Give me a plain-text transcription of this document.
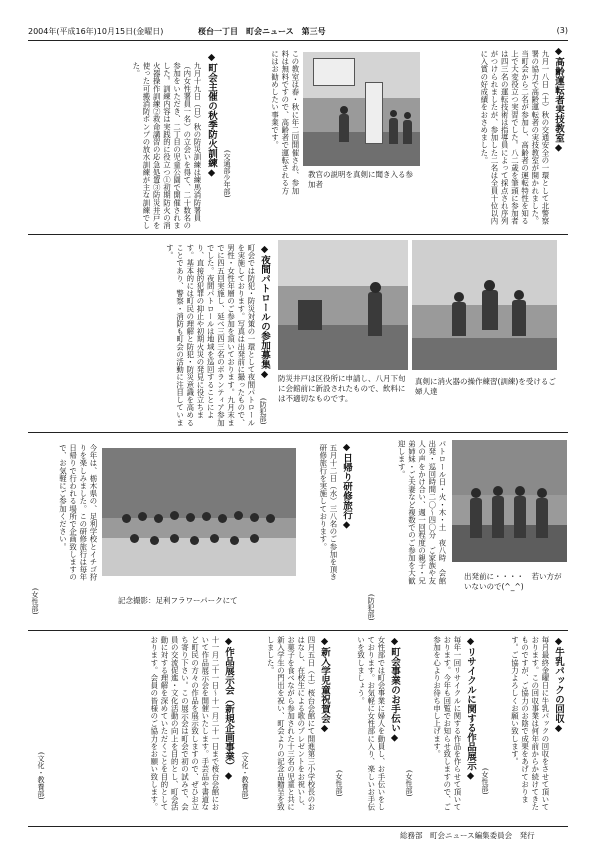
2004年(平成16年)10月15日(金曜日)	桜台一丁目　町会ニュース　第三号	(3)
◆高齢運転者実技教室◆
九月一八日（土）秋の交通安全の一環として北警察署の協力で高齢運転者の実技教室が開かれました。当町会から二名が参加し、高齢者の運転特性を知る上で大変役立つ実習でした。八二歳を筆頭に参加者は四三名の運転技術は指導員によって採点され序列がつけられましたが、参加した二名は全員十位以内に入賞の好成績をおさめました。
教官の説明を真剣に聞き入る参加者
この教室は春・秋に年二回開催され、参加料は無料ですので、高齢者で運転される方にはお勧めしたい事業です。
(交通部少年部)
◆町会主催の秋季防火訓練◆
九月十九日（日）秋の防災訓練は練馬消防署員（内女性署員一名）の立会いを得て、二十数名の参加をいただき、二丁目の児童公園で開催されました。訓練内容は実践的に役立つ①初期防火の消火器操作訓練②救命講習の応急処置③防災井戸を使った可搬消防ポンプの放水訓練が主な訓練でした。
真剣に消火器の操作練習(訓練)を受けるご婦人達
防災井戸は区役所に申請し、八月下旬に会館前に新設されたもので、飲料には不適切なものです。
◆夜間パトロールの参加募集◆
(防犯部)
町会では防犯・防災対策の一環として夜間パトロールを実施しております。写真は出発前に撮ったもので、男性・女性年層のご参加を頂いております。九月末までに四五回実施し、延べ三四三名のボランティア参加でした。夜間パトロールは地域を巡回することにより、直接的犯罪の抑止や初期火災の発見に役立ちます。基本的には町民の理解と防犯・防災意識を高めることであり、警察・消防も町会の活動に注目しています。
出発前に・・・・　若い方がいないので(^_^)
パトロール日・火・木・土　夜八時　会館出発・巡回時間二〇～四〇分　ご家族や友人の声をかけ合い、週一回程度の親子・兄弟姉妹・ご夫妻など複数でのご参加を大歓迎します。
(防犯部)
◆日帰り研修旅行◆
五月十二日（水）三八名のご参加を頂き研修旅行を実施しております。
記念撮影：足利フラワーパークにて
今年は、栃木県の、足利学校とイチゴ狩りを楽しみました。この研修旅行は毎年日帰りで行われる場所で企画致しますので、お気軽にご参加ください。
(女性部)
◆牛乳パックの回収◆
毎月最終金曜日に牛乳パックの回収をさせて頂いております。この回収事業は何年前からか続けてきたものですが、ご協力のお陰で成果をあげております。ご協力よろしくお願い致します。
(女性部)
◆リサイクルに関する作品展示◆
毎年一回リサイクルに関する作品を作らせて頂いております。今年も回覧でお知らせ致しますので、ご参加を心よりお待ち申し上げます。
(女性部)
◆町会事業のお手伝い◆
女性部では町会事業に婦人を動員し、お手伝いをしております。お気軽に女性部に入り、楽しいお手伝いを致しましょう。
(女性部)
◆新入学児童祝賀会◆
四月五日（土）桜台会館にて開進第三小学校長のおはなし、在校生による歌のプレゼントをお祝いし、お菓子を食べながら参加された十三名の児童と共に新入学生の門出を祝い、町会よりの記念品贈呈を致しました。
(文化・教養部)
◆作品展示会（新規企画事業）◆
十一月二十一日～十一月二十一日まで桜台会館において作品展示会を開催いたします。手芸品や書道など町民の方々の作品を展示致しますので、ぜひお立ち寄り下さい。この展示会は町会で初の試みで、会員の交流促進・文化活動の向上を目的とし、町会活動に対する理解を深めていただくことを目的としております。会員の皆様のご協力をお願い致します。
(文化・教養部)
総務部　町会ニュース編集委員会　発行
